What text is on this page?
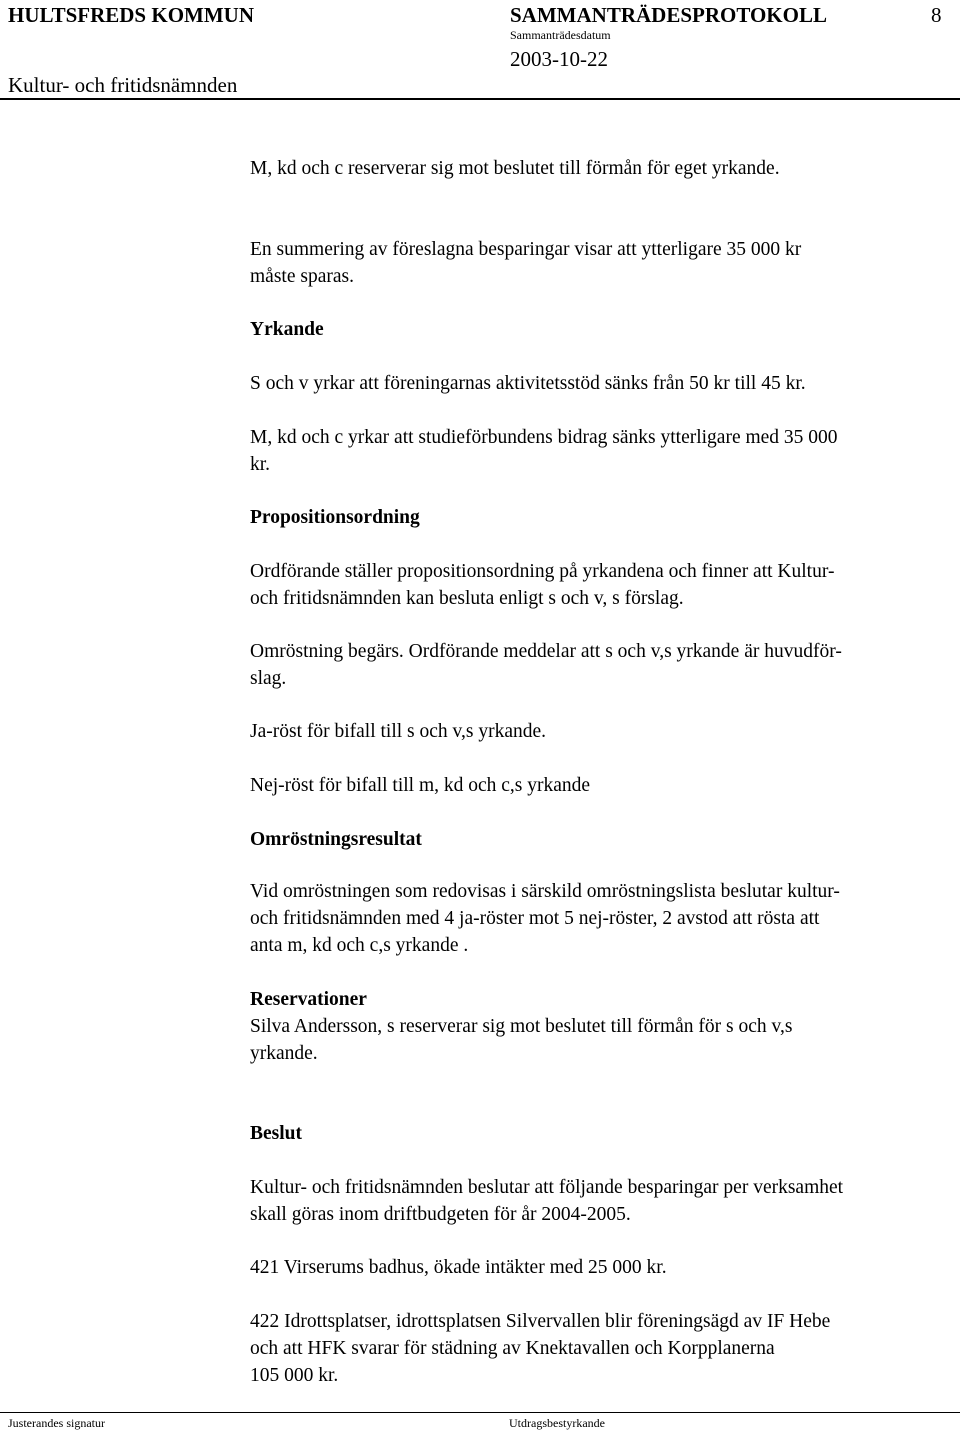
HULTSFREDS KOMMUN	SAMMANTRÄDESPROTOKOLL	8
Sammanträdesdatum
2003-10-22
Kultur- och fritidsnämnden
M, kd och c reserverar sig mot beslutet till förmån för eget yrkande.
En summering av föreslagna besparingar visar att ytterligare 35 000 kr
måste sparas.
Yrkande
S och v yrkar att föreningarnas aktivitetsstöd sänks från 50 kr till 45 kr.
M, kd och c yrkar att studieförbundens bidrag sänks ytterligare med 35 000
kr.
Propositionsordning
Ordförande ställer propositionsordning på yrkandena och finner att Kultur-
och fritidsnämnden kan besluta enligt s och v, s förslag.
Omröstning begärs. Ordförande meddelar att s och v,s yrkande är huvudför-
slag.
Ja-röst för bifall till s och v,s yrkande.
Nej-röst för bifall till m, kd och c,s yrkande
Omröstningsresultat
Vid omröstningen som redovisas i särskild omröstningslista beslutar kultur-
och fritidsnämnden med 4 ja-röster mot 5 nej-röster, 2 avstod att rösta att
anta m, kd och c,s yrkande .
Reservationer
Silva Andersson, s reserverar sig mot beslutet till förmån för s och v,s
yrkande.
Beslut
Kultur- och fritidsnämnden beslutar att följande besparingar per verksamhet
skall göras inom driftbudgeten för år 2004-2005.
421 Virserums badhus, ökade intäkter med 25 000 kr.
422 Idrottsplatser, idrottsplatsen Silvervallen blir föreningsägd av IF Hebe
och att HFK svarar för städning av Knektavallen och Korpplanerna
105 000 kr.
Justerandes signatur	Utdragsbestyrkande
